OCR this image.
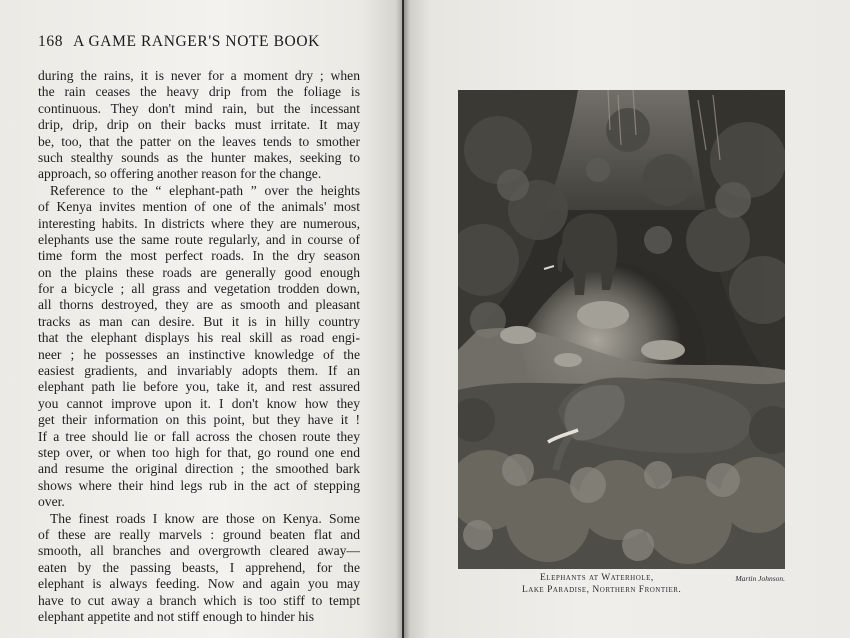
168 A GAME RANGER'S NOTE BOOK
during the rains, it is never for a moment dry ; when
the rain ceases the heavy drip from the foliage is
continuous. They don't mind rain, but the incessant
drip, drip, drip on their backs must irritate. It may
be, too, that the patter on the leaves tends to smother
such stealthy sounds as the hunter makes, seeking to
approach, so offering another reason for the change.
Reference to the “ elephant-path ” over the heights
of Kenya invites mention of one of the animals' most
interesting habits. In districts where they are numerous,
elephants use the same route regularly, and in course of
time form the most perfect roads. In the dry season
on the plains these roads are generally good enough
for a bicycle ; all grass and vegetation trodden down,
all thorns destroyed, they are as smooth and pleasant
tracks as man can desire. But it is in hilly country
that the elephant displays his real skill as road engi-
neer ; he possesses an instinctive knowledge of the
easiest gradients, and invariably adopts them. If an
elephant path lie before you, take it, and rest assured
you cannot improve upon it. I don't know how they
get their information on this point, but they have it !
If a tree should lie or fall across the chosen route they
step over, or when too high for that, go round one end
and resume the original direction ; the smoothed bark
shows where their hind legs rub in the act of stepping
over.
The finest roads I know are those on Kenya. Some
of these are really marvels : ground beaten flat and
smooth, all branches and overgrowth cleared away—
eaten by the passing beasts, I apprehend, for the
elephant is always feeding. Now and again you may
have to cut away a branch which is too stiff to tempt
elephant appetite and not stiff enough to hinder his
Elephants at Waterhole,	Martin Johnson.
Lake Paradise, Northern Frontier.
